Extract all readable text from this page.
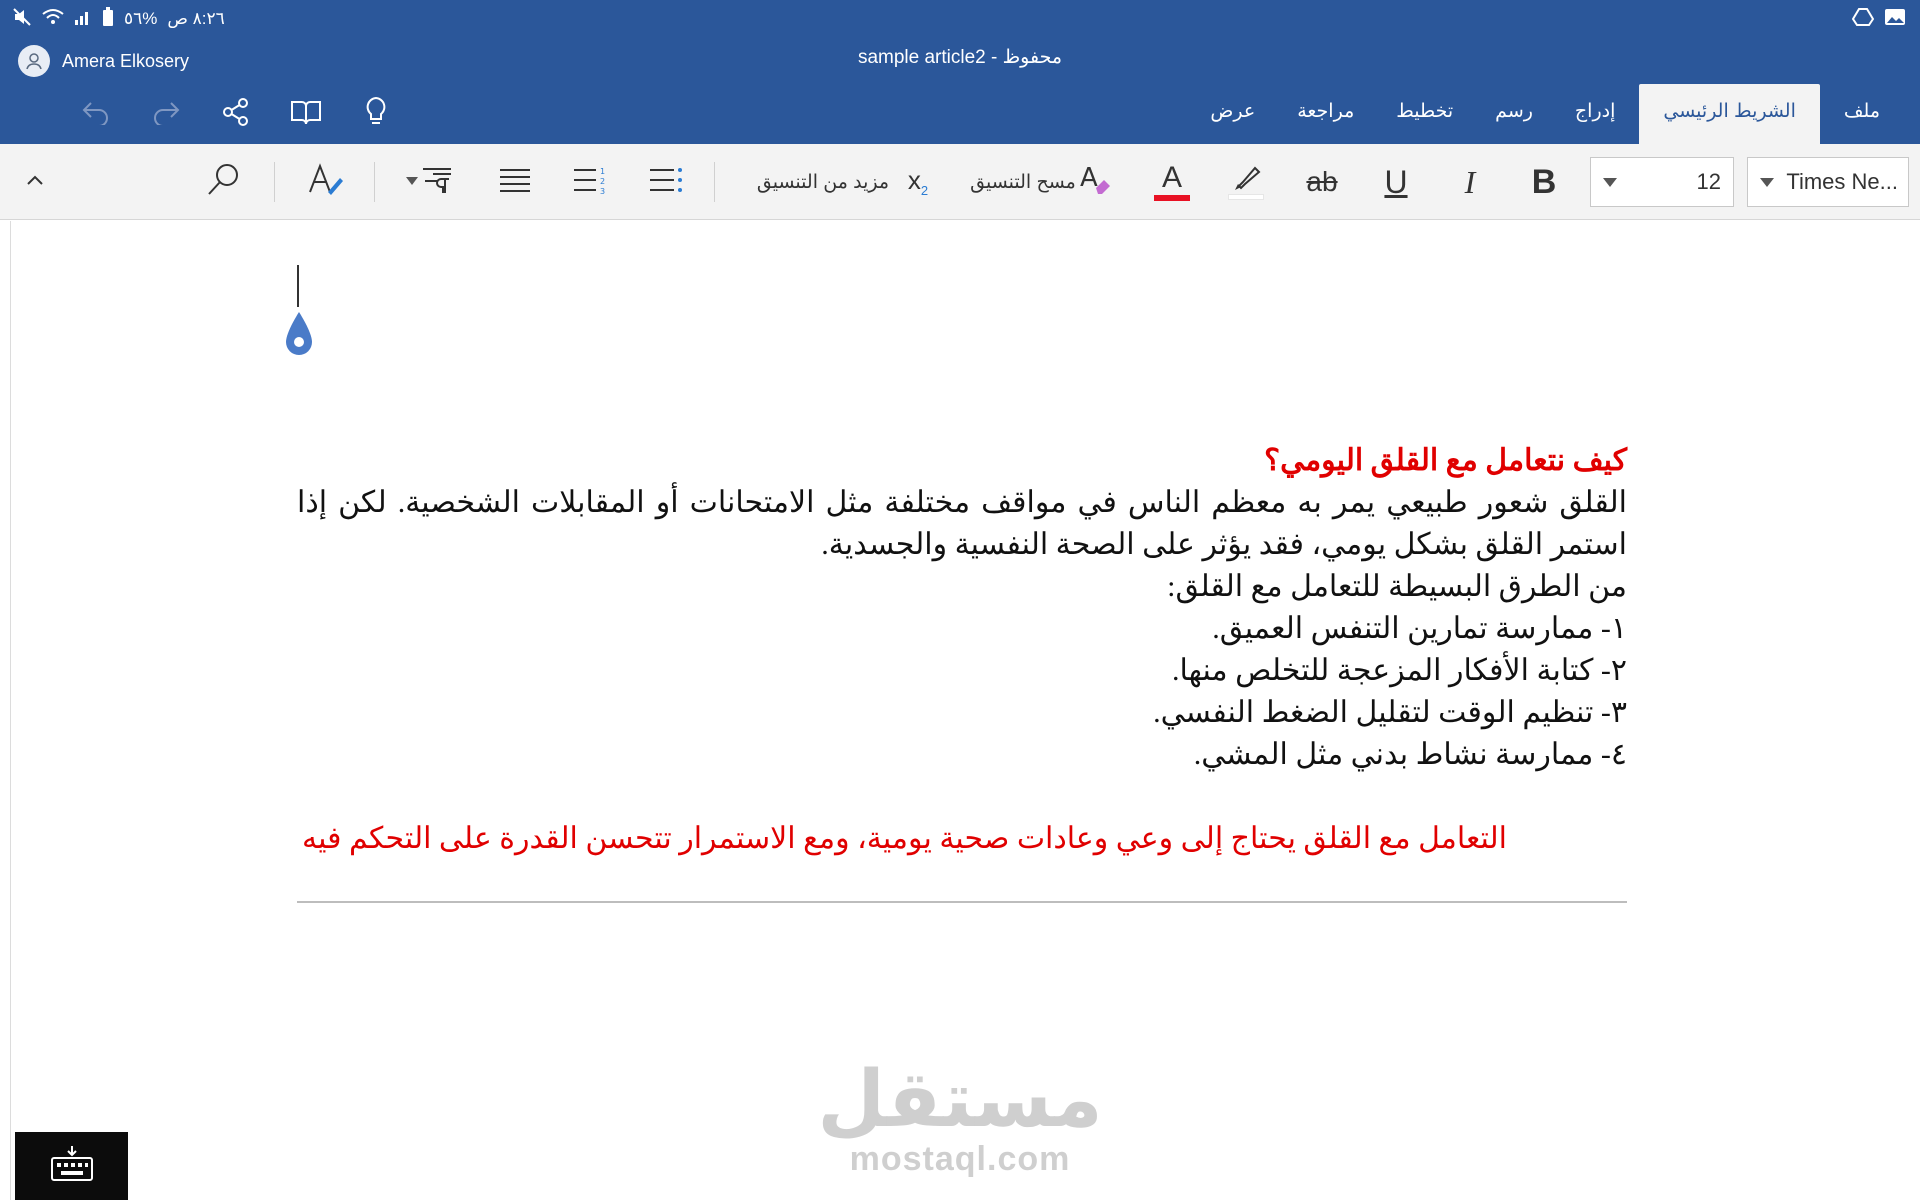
٥٦% ٨:٢٦ ص
Amera Elkosery	sample article2 - محفوظ
ملف
الشريط الرئيسي
إدراج
رسم
تخطيط
مراجعة
عرض
1
2
3	مزيد من التنسيق $x_2$ مسح التنسيق A A	ab	U	I	B	12	Times Ne...
كيف نتعامل مع القلق اليومي؟
القلق شعور طبيعي يمر به معظم الناس في مواقف مختلفة مثل الامتحانات أو المقابلات الشخصية. لكن إذا استمر القلق بشكل يومي، فقد يؤثر على الصحة النفسية والجسدية.
من الطرق البسيطة للتعامل مع القلق:
١- ممارسة تمارين التنفس العميق.
٢- كتابة الأفكار المزعجة للتخلص منها.
٣- تنظيم الوقت لتقليل الضغط النفسي.
٤- ممارسة نشاط بدني مثل المشي.
التعامل مع القلق يحتاج إلى وعي وعادات صحية يومية، ومع الاستمرار تتحسن القدرة على التحكم فيه
مستقل
mostaql.com
